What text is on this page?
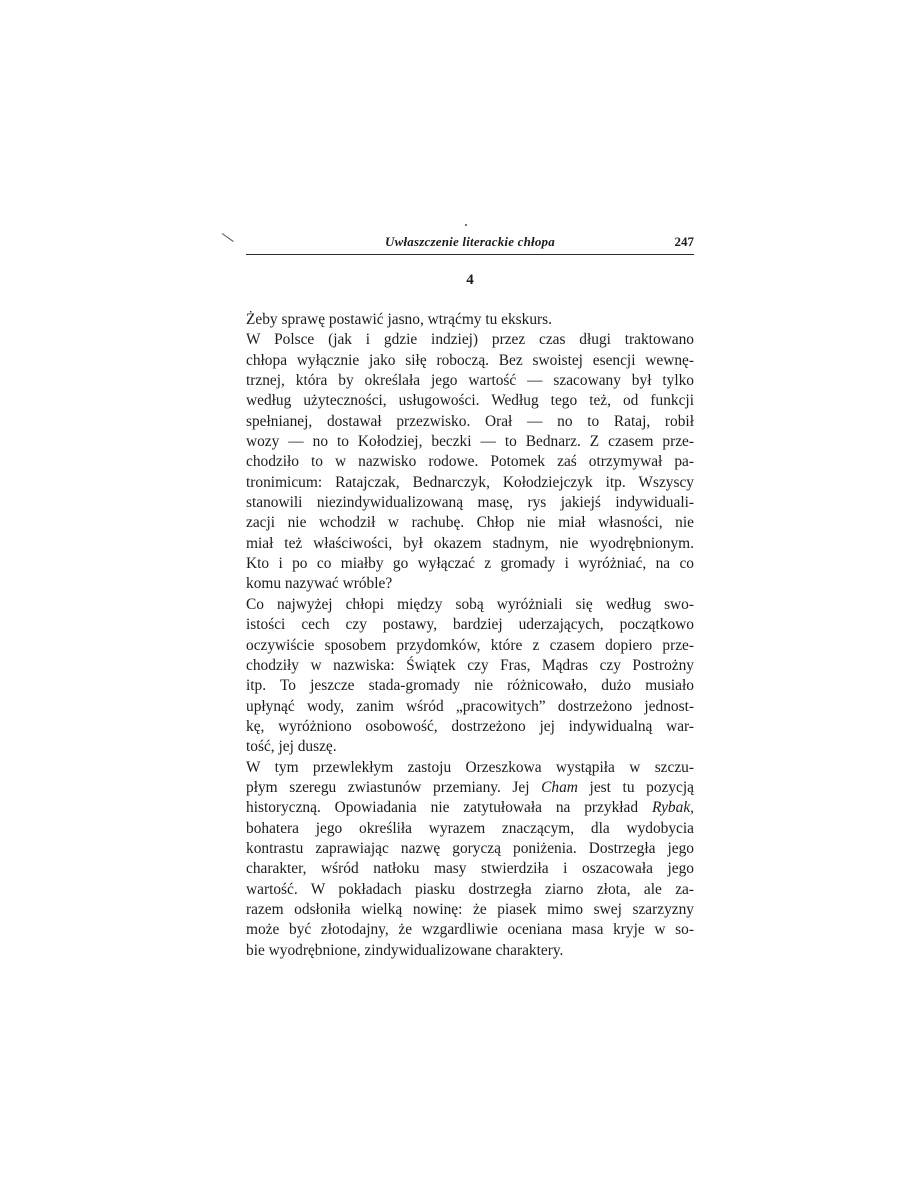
Uwłaszczenie literackie chłopa	247
4
Żeby sprawę postawić jasno, wtrąćmy tu ekskurs.
W Polsce (jak i gdzie indziej) przez czas długi traktowano
chłopa wyłącznie jako siłę roboczą. Bez swoistej esencji wewnę-
trznej, która by określała jego wartość — szacowany był tylko
według użyteczności, usługowości. Według tego też, od funkcji
spełnianej, dostawał przezwisko. Orał — no to Rataj, robił
wozy — no to Kołodziej, beczki — to Bednarz. Z czasem prze-
chodziło to w nazwisko rodowe. Potomek zaś otrzymywał pa-
tronimicum: Ratajczak, Bednarczyk, Kołodziejczyk itp. Wszyscy
stanowili niezindywidualizowaną masę, rys jakiejś indywiduali-
zacji nie wchodził w rachubę. Chłop nie miał własności, nie
miał też właściwości, był okazem stadnym, nie wyodrębnionym.
Kto i po co miałby go wyłączać z gromady i wyróżniać, na co
komu nazywać wróble?
Co najwyżej chłopi między sobą wyróżniali się według swo-
istości cech czy postawy, bardziej uderzających, początkowo
oczywiście sposobem przydomków, które z czasem dopiero prze-
chodziły w nazwiska: Świątek czy Fras, Mądras czy Postrożny
itp. To jeszcze stada-gromady nie różnicowało, dużo musiało
upłynąć wody, zanim wśród „pracowitych” dostrzeżono jednost-
kę, wyróżniono osobowość, dostrzeżono jej indywidualną war-
tość, jej duszę.
W tym przewlekłym zastoju Orzeszkowa wystąpiła w szczu-
płym szeregu zwiastunów przemiany. Jej Cham jest tu pozycją
historyczną. Opowiadania nie zatytułowała na przykład Rybak,
bohatera jego określiła wyrazem znaczącym, dla wydobycia
kontrastu zaprawiając nazwę goryczą poniżenia. Dostrzegła jego
charakter, wśród natłoku masy stwierdziła i oszacowała jego
wartość. W pokładach piasku dostrzegła ziarno złota, ale za-
razem odsłoniła wielką nowinę: że piasek mimo swej szarzyzny
może być złotodajny, że wzgardliwie oceniana masa kryje w so-
bie wyodrębnione, zindywidualizowane charaktery.
